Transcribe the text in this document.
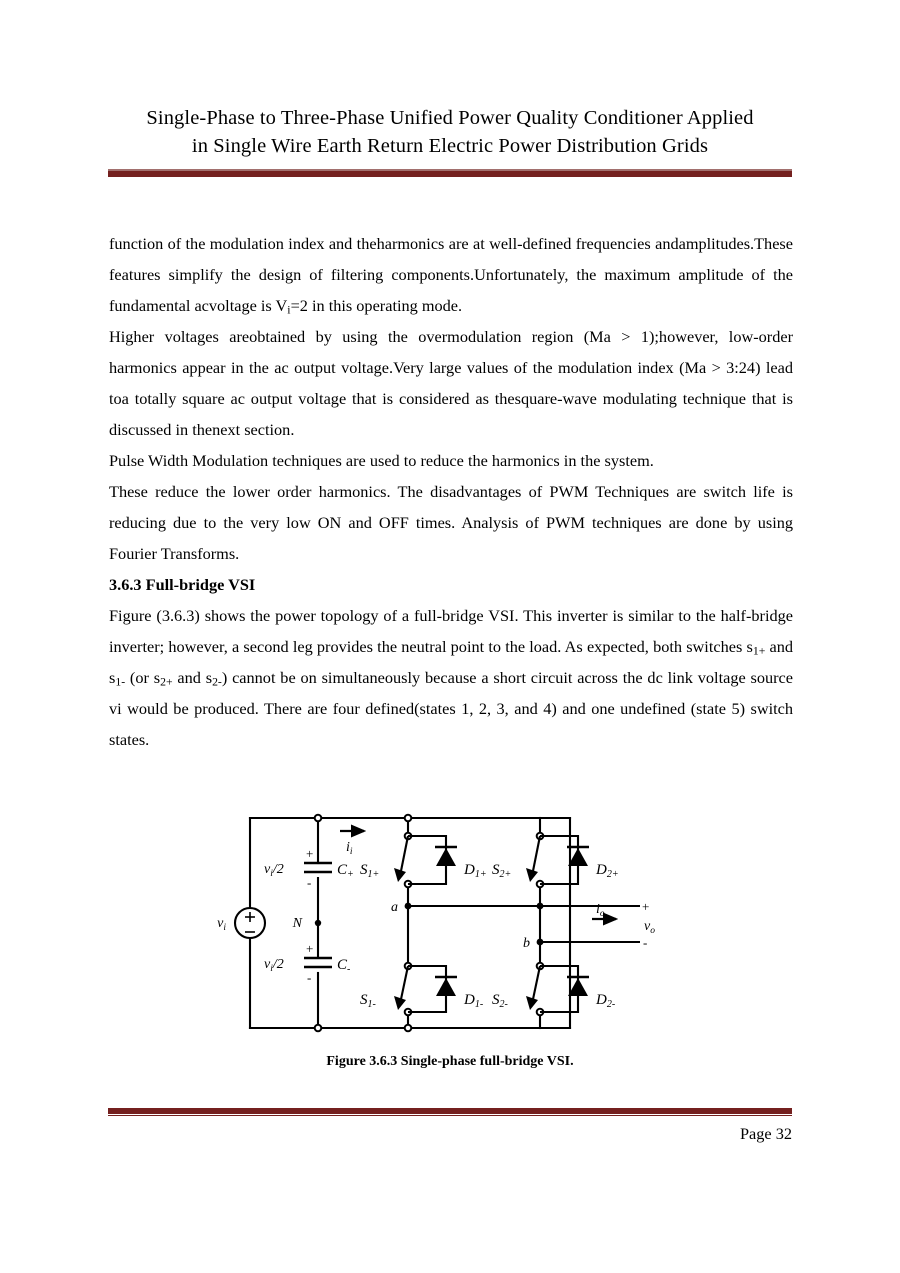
Single-Phase to Three-Phase Unified Power Quality Conditioner Applied
in Single Wire Earth Return Electric Power Distribution Grids

function of the modulation index and theharmonics are at well-defined frequencies andamplitudes.These features simplify the design of filtering components.Unfortunately, the maximum amplitude of the fundamental acvoltage is $V_i=2$ in this operating mode.

Higher voltages areobtained by using the overmodulation region (Ma > 1);however, low-order harmonics appear in the ac output voltage.Very large values of the modulation index (Ma > 3:24) lead toa totally square ac output voltage that is considered as thesquare-wave modulating technique that is discussed in thenext section.

Pulse Width Modulation techniques are used to reduce the harmonics in the system.

These reduce the lower order harmonics. The disadvantages of PWM Techniques are switch life is reducing due to the very low ON and OFF times. Analysis of PWM techniques are done by using Fourier Transforms.

3.6.3 Full-bridge VSI

Figure (3.6.3) shows the power topology of a full-bridge VSI. This inverter is similar to the half-bridge inverter; however, a second leg provides the neutral point to the load. As expected, both switches $s_{1+}$ and $s_{1-}$ (or $s_{2+}$ and $s_{2-}$) cannot be on simultaneously because a short circuit across the dc link voltage source vi would be produced. There are four defined(states 1, 2, 3, and 4) and one undefined (state 5) switch states.

$v_i$
$v_i/2$	$C_+$
$v_i/2$	$C_-$
N
a
b
$i_i$
$i_o$
$v_o$
$S_{1+}$
$S_{1-}$
$S_{2+}$
$S_{2-}$
$D_{1+}$
$D_{1-}$
$D_{2+}$
$D_{2-}$
+
-
+
-
+
-
Figure 3.6.3 Single-phase full-bridge VSI.
Page 32
